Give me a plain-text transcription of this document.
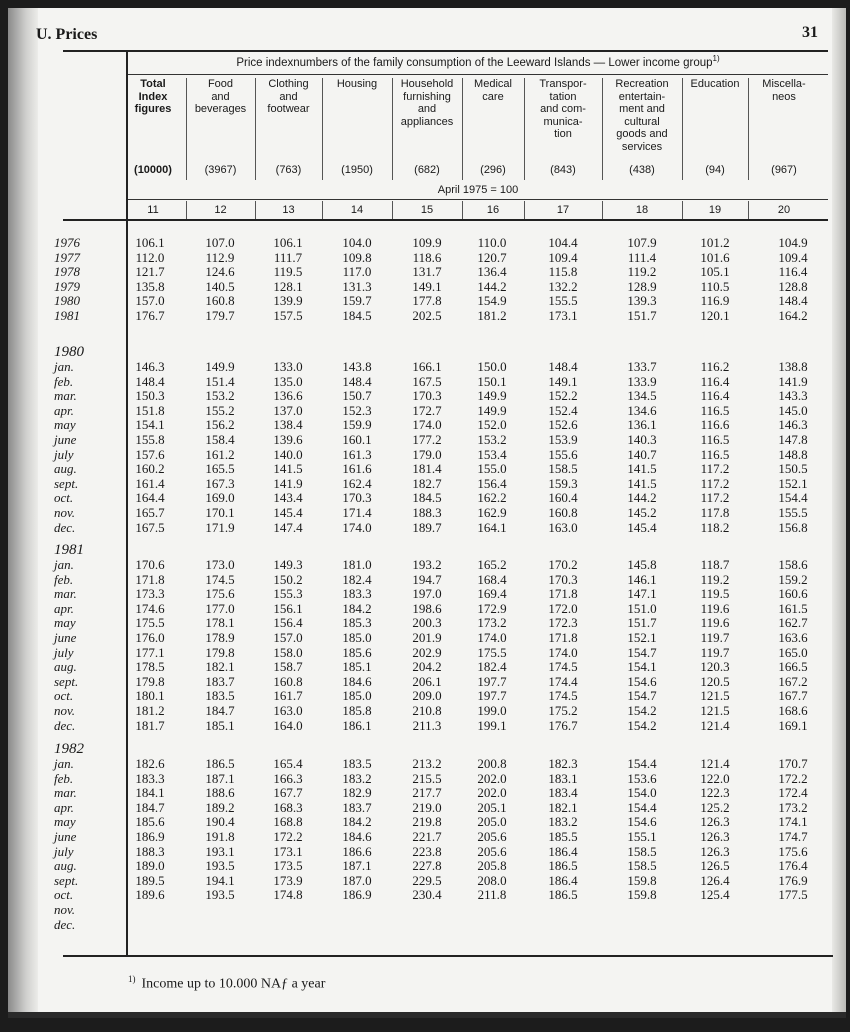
U. Prices	31
Price indexnumbers of the family consumption of the Leeward Islands — Lower income group$^{1)}$
Total
Index
figures
(10000)
Food
and
beverages
(3967)
Clothing
and
footwear
(763)
Housing
(1950)
Household
furnishing
and
appliances
(682)
Medical
care
(296)
Transpor-
tation
and com-
munica-
tion
(843)
Recreation
entertain-
ment and
cultural
goods and
services
(438)
Education
(94)
Miscella-
neos
(967)
April 1975 = 100
11	12	13	14	15	16	17	18	19	20
1976	106.1	107.0	106.1	104.0	109.9	110.0	104.4	107.9	101.2	104.9
1977	112.0	112.9	111.7	109.8	118.6	120.7	109.4	111.4	101.6	109.4
1978	121.7	124.6	119.5	117.0	131.7	136.4	115.8	119.2	105.1	116.4
1979	135.8	140.5	128.1	131.3	149.1	144.2	132.2	128.9	110.5	128.8
1980	157.0	160.8	139.9	159.7	177.8	154.9	155.5	139.3	116.9	148.4
1981	176.7	179.7	157.5	184.5	202.5	181.2	173.1	151.7	120.1	164.2
1980
jan.	146.3	149.9	133.0	143.8	166.1	150.0	148.4	133.7	116.2	138.8
feb.	148.4	151.4	135.0	148.4	167.5	150.1	149.1	133.9	116.4	141.9
mar.	150.3	153.2	136.6	150.7	170.3	149.9	152.2	134.5	116.4	143.3
apr.	151.8	155.2	137.0	152.3	172.7	149.9	152.4	134.6	116.5	145.0
may	154.1	156.2	138.4	159.9	174.0	152.0	152.6	136.1	116.6	146.3
june	155.8	158.4	139.6	160.1	177.2	153.2	153.9	140.3	116.5	147.8
july	157.6	161.2	140.0	161.3	179.0	153.4	155.6	140.7	116.5	148.8
aug.	160.2	165.5	141.5	161.6	181.4	155.0	158.5	141.5	117.2	150.5
sept.	161.4	167.3	141.9	162.4	182.7	156.4	159.3	141.5	117.2	152.1
oct.	164.4	169.0	143.4	170.3	184.5	162.2	160.4	144.2	117.2	154.4
nov.	165.7	170.1	145.4	171.4	188.3	162.9	160.8	145.2	117.8	155.5
dec.	167.5	171.9	147.4	174.0	189.7	164.1	163.0	145.4	118.2	156.8
1981
jan.	170.6	173.0	149.3	181.0	193.2	165.2	170.2	145.8	118.7	158.6
feb.	171.8	174.5	150.2	182.4	194.7	168.4	170.3	146.1	119.2	159.2
mar.	173.3	175.6	155.3	183.3	197.0	169.4	171.8	147.1	119.5	160.6
apr.	174.6	177.0	156.1	184.2	198.6	172.9	172.0	151.0	119.6	161.5
may	175.5	178.1	156.4	185.3	200.3	173.2	172.3	151.7	119.6	162.7
june	176.0	178.9	157.0	185.0	201.9	174.0	171.8	152.1	119.7	163.6
july	177.1	179.8	158.0	185.6	202.9	175.5	174.0	154.7	119.7	165.0
aug.	178.5	182.1	158.7	185.1	204.2	182.4	174.5	154.1	120.3	166.5
sept.	179.8	183.7	160.8	184.6	206.1	197.7	174.4	154.6	120.5	167.2
oct.	180.1	183.5	161.7	185.0	209.0	197.7	174.5	154.7	121.5	167.7
nov.	181.2	184.7	163.0	185.8	210.8	199.0	175.2	154.2	121.5	168.6
dec.	181.7	185.1	164.0	186.1	211.3	199.1	176.7	154.2	121.4	169.1
1982
jan.	182.6	186.5	165.4	183.5	213.2	200.8	182.3	154.4	121.4	170.7
feb.	183.3	187.1	166.3	183.2	215.5	202.0	183.1	153.6	122.0	172.2
mar.	184.1	188.6	167.7	182.9	217.7	202.0	183.4	154.0	122.3	172.4
apr.	184.7	189.2	168.3	183.7	219.0	205.1	182.1	154.4	125.2	173.2
may	185.6	190.4	168.8	184.2	219.8	205.0	183.2	154.6	126.3	174.1
june	186.9	191.8	172.2	184.6	221.7	205.6	185.5	155.1	126.3	174.7
july	188.3	193.1	173.1	186.6	223.8	205.6	186.4	158.5	126.3	175.6
aug.	189.0	193.5	173.5	187.1	227.8	205.8	186.5	158.5	126.5	176.4
sept.	189.5	194.1	173.9	187.0	229.5	208.0	186.4	159.8	126.4	176.9
oct.	189.6	193.5	174.8	186.9	230.4	211.8	186.5	159.8	125.4	177.5
nov.
dec.
$^{1)}$ Income up to 10.000 NAƒ a year
